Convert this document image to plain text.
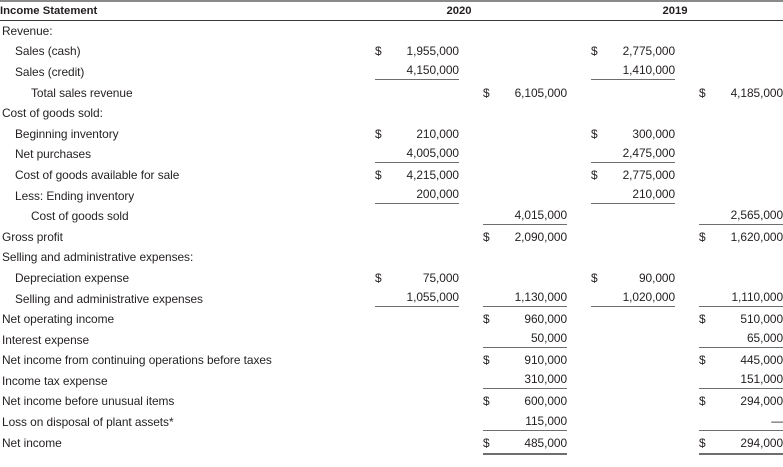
Income Statement	2020		2019	
Revenue:				
Sales (cash)	$ 1,955,000		$ 2,775,000	
Sales (credit)	4,150,000		1,410,000	
Total sales revenue		$ 6,105,000		$ 4,185,000
Cost of goods sold:				
Beginning inventory	$ 210,000		$ 300,000	
Net purchases	4,005,000		2,475,000	
Cost of goods available for sale	$ 4,215,000		$ 2,775,000	
Less: Ending inventory	200,000		210,000	
Cost of goods sold		4,015,000		2,565,000
Gross profit		$ 2,090,000		$ 1,620,000
Selling and administrative expenses:				
Depreciation expense	$ 75,000		$ 90,000	
Selling and administrative expenses	1,055,000	1,130,000	1,020,000	1,110,000
Net operating income		$ 960,000		$ 510,000
Interest expense		50,000		65,000
Net income from continuing operations before taxes		$ 910,000		$ 445,000
Income tax expense		310,000		151,000
Net income before unusual items		$ 600,000		$ 294,000
Loss on disposal of plant assets*		115,000		—
Net income		$ 485,000		$ 294,000
